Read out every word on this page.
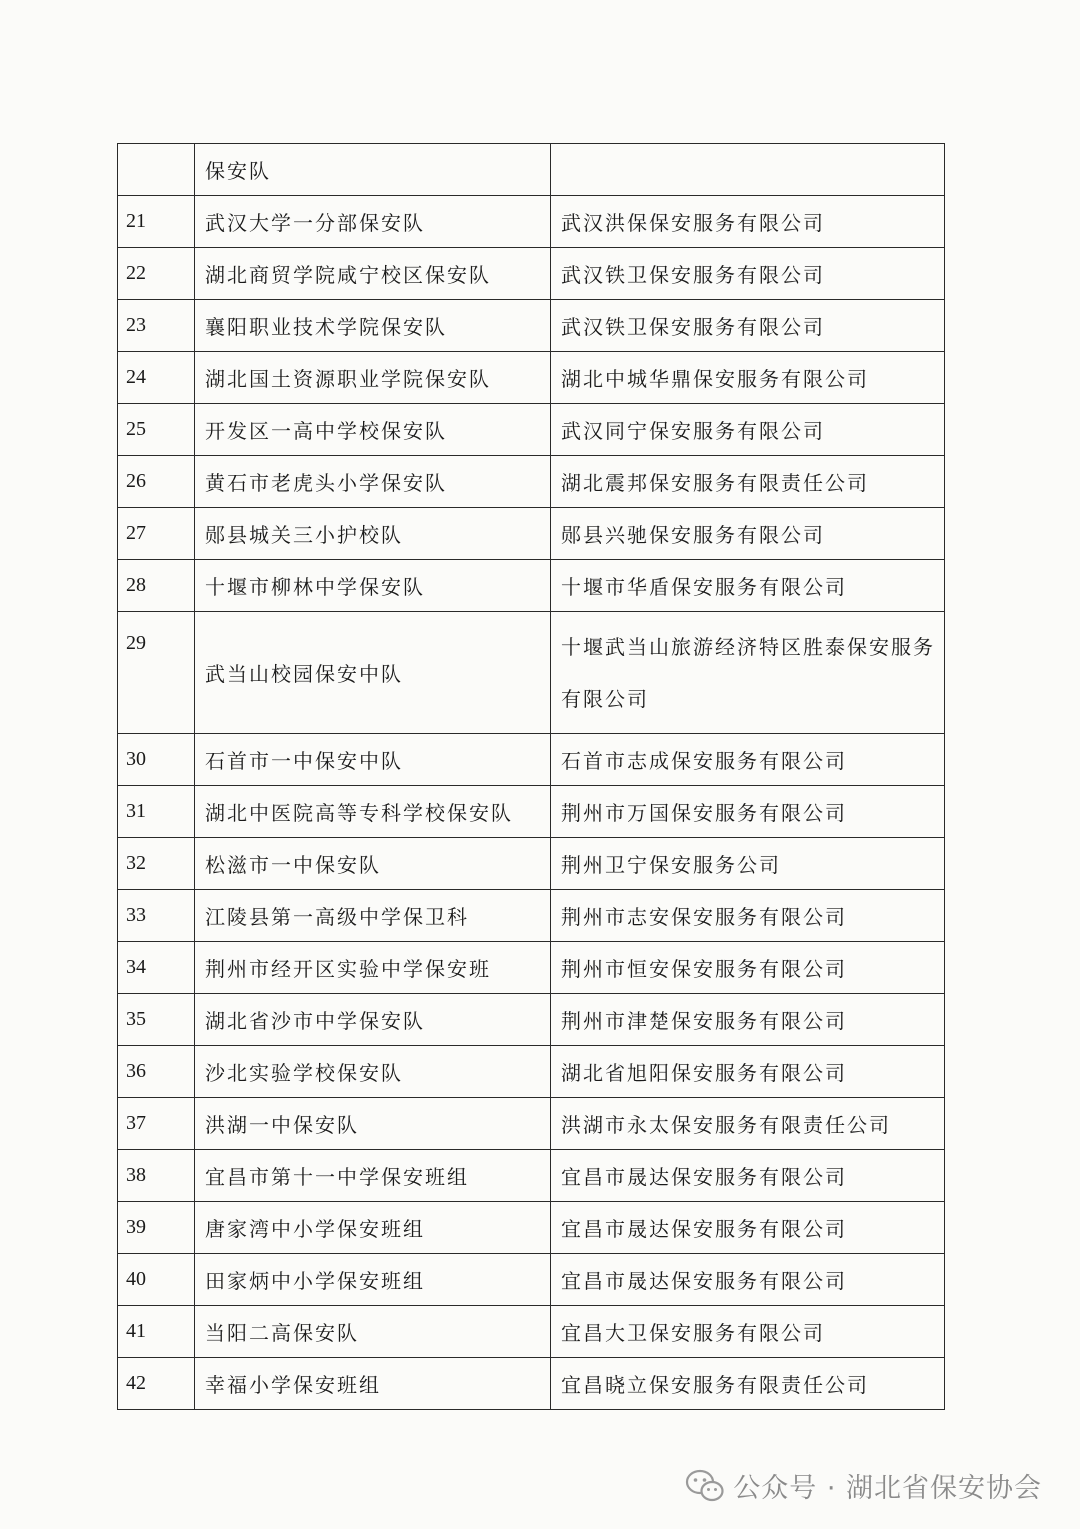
	保安队	
21	武汉大学一分部保安队	武汉洪保保安服务有限公司
22	湖北商贸学院咸宁校区保安队	武汉铁卫保安服务有限公司
23	襄阳职业技术学院保安队	武汉铁卫保安服务有限公司
24	湖北国土资源职业学院保安队	湖北中城华鼎保安服务有限公司
25	开发区一高中学校保安队	武汉同宁保安服务有限公司
26	黄石市老虎头小学保安队	湖北震邦保安服务有限责任公司
27	郧县城关三小护校队	郧县兴驰保安服务有限公司
28	十堰市柳林中学保安队	十堰市华盾保安服务有限公司
29	武当山校园保安中队	十堰武当山旅游经济特区胜泰保安服务
有限公司

30	石首市一中保安中队	石首市志成保安服务有限公司
31	湖北中医院高等专科学校保安队	荆州市万国保安服务有限公司
32	松滋市一中保安队	荆州卫宁保安服务公司
33	江陵县第一高级中学保卫科	荆州市志安保安服务有限公司
34	荆州市经开区实验中学保安班	荆州市恒安保安服务有限公司
35	湖北省沙市中学保安队	荆州市津楚保安服务有限公司
36	沙北实验学校保安队	湖北省旭阳保安服务有限公司
37	洪湖一中保安队	洪湖市永太保安服务有限责任公司
38	宜昌市第十一中学保安班组	宜昌市晟达保安服务有限公司
39	唐家湾中小学保安班组	宜昌市晟达保安服务有限公司
40	田家炳中小学保安班组	宜昌市晟达保安服务有限公司
41	当阳二高保安队	宜昌大卫保安服务有限公司
42	幸福小学保安班组	宜昌晓立保安服务有限责任公司
公众号 · 湖北省保安协会
